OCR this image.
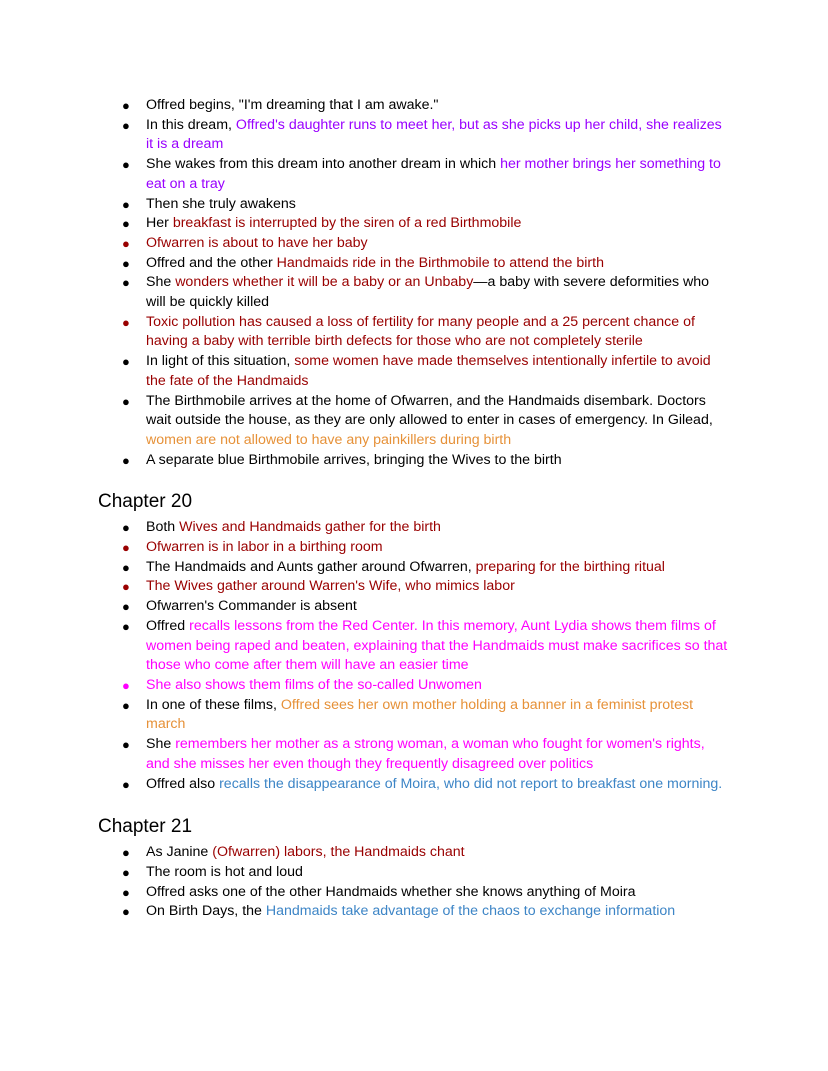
● Offred begins, "I'm dreaming that I am awake."
● In this dream, Offred's daughter runs to meet her, but as she picks up her child, she realizes it is a dream
● She wakes from this dream into another dream in which her mother brings her something to eat on a tray
● Then she truly awakens
● Her breakfast is interrupted by the siren of a red Birthmobile
● Ofwarren is about to have her baby
● Offred and the other Handmaids ride in the Birthmobile to attend the birth
● She wonders whether it will be a baby or an Unbaby—a baby with severe deformities who will be quickly killed
● Toxic pollution has caused a loss of fertility for many people and a 25 percent chance of having a baby with terrible birth defects for those who are not completely sterile
● In light of this situation, some women have made themselves intentionally infertile to avoid the fate of the Handmaids
● The Birthmobile arrives at the home of Ofwarren, and the Handmaids disembark. Doctors wait outside the house, as they are only allowed to enter in cases of emergency. In Gilead, women are not allowed to have any painkillers during birth
● A separate blue Birthmobile arrives, bringing the Wives to the birth
Chapter 20
● Both Wives and Handmaids gather for the birth
● Ofwarren is in labor in a birthing room
● The Handmaids and Aunts gather around Ofwarren, preparing for the birthing ritual
● The Wives gather around Warren's Wife, who mimics labor
● Ofwarren's Commander is absent
● Offred recalls lessons from the Red Center. In this memory, Aunt Lydia shows them films of women being raped and beaten, explaining that the Handmaids must make sacrifices so that those who come after them will have an easier time
● She also shows them films of the so-called Unwomen
● In one of these films, Offred sees her own mother holding a banner in a feminist protest march
● She remembers her mother as a strong woman, a woman who fought for women's rights, and she misses her even though they frequently disagreed over politics
● Offred also recalls the disappearance of Moira, who did not report to breakfast one morning.
Chapter 21
● As Janine (Ofwarren) labors, the Handmaids chant
● The room is hot and loud
● Offred asks one of the other Handmaids whether she knows anything of Moira
● On Birth Days, the Handmaids take advantage of the chaos to exchange information
